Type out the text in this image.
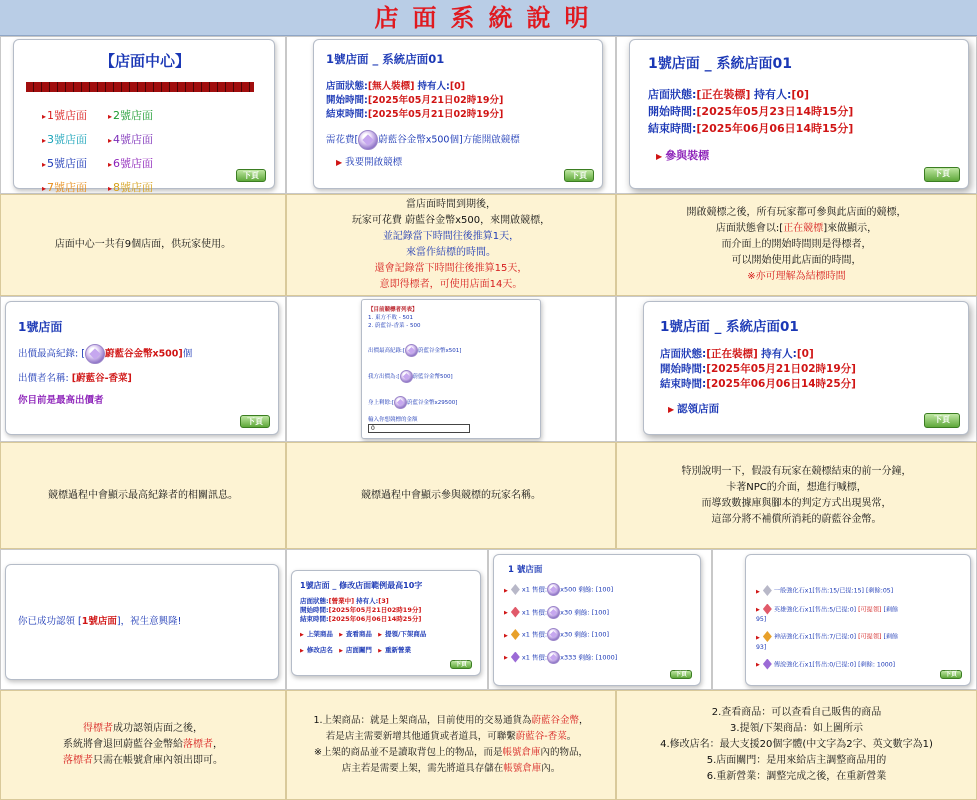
店面系統說明
【店面中心】
▸ 1號店面 ▸ 2號店面▸ 3號店面 ▸ 4號店面▸ 5號店面 ▸ 6號店面▸ 7號店面 ▸ 8號店面▸
下頁
1號店面 _ 系統店面01
店面狀態:[無人裝標] 持有人:[0]
開始時間:[2025年05月21日02時19分]
結束時間:[2025年05月21日02時19分]
需花費[ 蔚藍谷金幣x500個]方能開啟競標
▶ 我要開啟競標
下頁
1號店面 _ 系統店面01
店面狀態:[正在裝標] 持有人:[0]
開始時間:[2025年05月23日14時15分]
結束時間:[2025年06月06日14時15分]
▶ 參與裝標
下頁
店面中心一共有9個店面，供玩家使用。
當店面時間到期後，
玩家可花費 蔚藍谷金幣x500，來開啟競標，
並記錄當下時間往後推算1天，
來當作結標的時間。
還會記錄當下時間往後推算15天，
意即得標者，可使用店面14天。
開啟競標之後，所有玩家都可參與此店面的競標，
店面狀態會以:[正在競標]來做顯示，
而介面上的開始時間則是得標者，
可以開始使用此店面的時間，
※亦可理解為結標時間
1號店面
出價最高紀錄: [ 蔚藍谷金幣x500]個
出價者名稱: [蔚藍谷-香菜]
你目前是最高出價者
下頁
【目前競標者列表】
1. 東方不敗 - 501
2. 蔚藍谷-香菜 - 500
出價最高紀錄:[ 蔚藍谷金幣x501]
我方出價為:[ 蔚藍谷金幣500]
身上剩餘:[ 蔚藍谷金幣x29500]
輸入你想競標的金額
0
1號店面 _ 系統店面01
店面狀態:[正在裝標] 持有人:[0]
開始時間:[2025年05月21日02時19分]
結束時間:[2025年06月06日14時25分]
▶ 認領店面
下頁
競標過程中會顯示最高紀錄者的相關訊息。	競標過程中會顯示參與競標的玩家名稱。
特別說明一下，假設有玩家在競標結束的前一分鐘，
卡著NPC的介面，想進行喊標，
而導致數據庫與腳本的判定方式出現異常，
這部分將不補償所消耗的蔚藍谷金幣。
你已成功認領 [1號店面]，祝生意興隆!
1號店面 _ 修改店面範例最高10字
店面狀態:[營業中] 持有人:[3]
開始時間:[2025年05月21日02時19分]
結束時間:[2025年06月06日14時25分]
▶ 上架商品 ▶ 查看商品 ▶ 提領/下架商品
▶ 修改店名 ▶ 店面關門 ▶ 重新營業
下頁
1 號店面
▶ x1 售價: x500 剩餘: [100]
▶ x1 售價: x30 剩餘: [100]
▶ x1 售價: x30 剩餘: [100]
▶ x1 售價: x333 剩餘: [1000]
下頁
▶ 一般強化石x1[售出:15/已提:15] [剩餘:05]
▶ 英雄強化石x1[售出:5/已提:0] [可提領] [剩餘
95]
▶ 神話強化石x1[售出:7/已提:0] [可提領] [剩餘
93]
▶ 傳說強化石x1[售出:0/已提:0] [剩餘: 1000]
下頁
得標者成功認領店面之後，
系統將會退回蔚藍谷金幣給落標者，
落標者只需在帳號倉庫內領出即可。
1.上架商品：就是上架商品，目前使用的交易通貨為蔚藍谷金幣，
若是店主需要新增其他通貨或者道具，可聯繫蔚藍谷-香菜。
※上架的商品並不是讀取背包上的物品，而是帳號倉庫內的物品，
店主若是需要上架，需先將道具存儲在帳號倉庫內。
2.查看商品：可以查看自己販售的商品
3.提領/下架商品：如上圖所示
4.修改店名：最大支援20個字體(中文字為2字、英文數字為1)
5.店面關門：是用來給店主調整商品用的
6.重新營業：調整完成之後，在重新營業
